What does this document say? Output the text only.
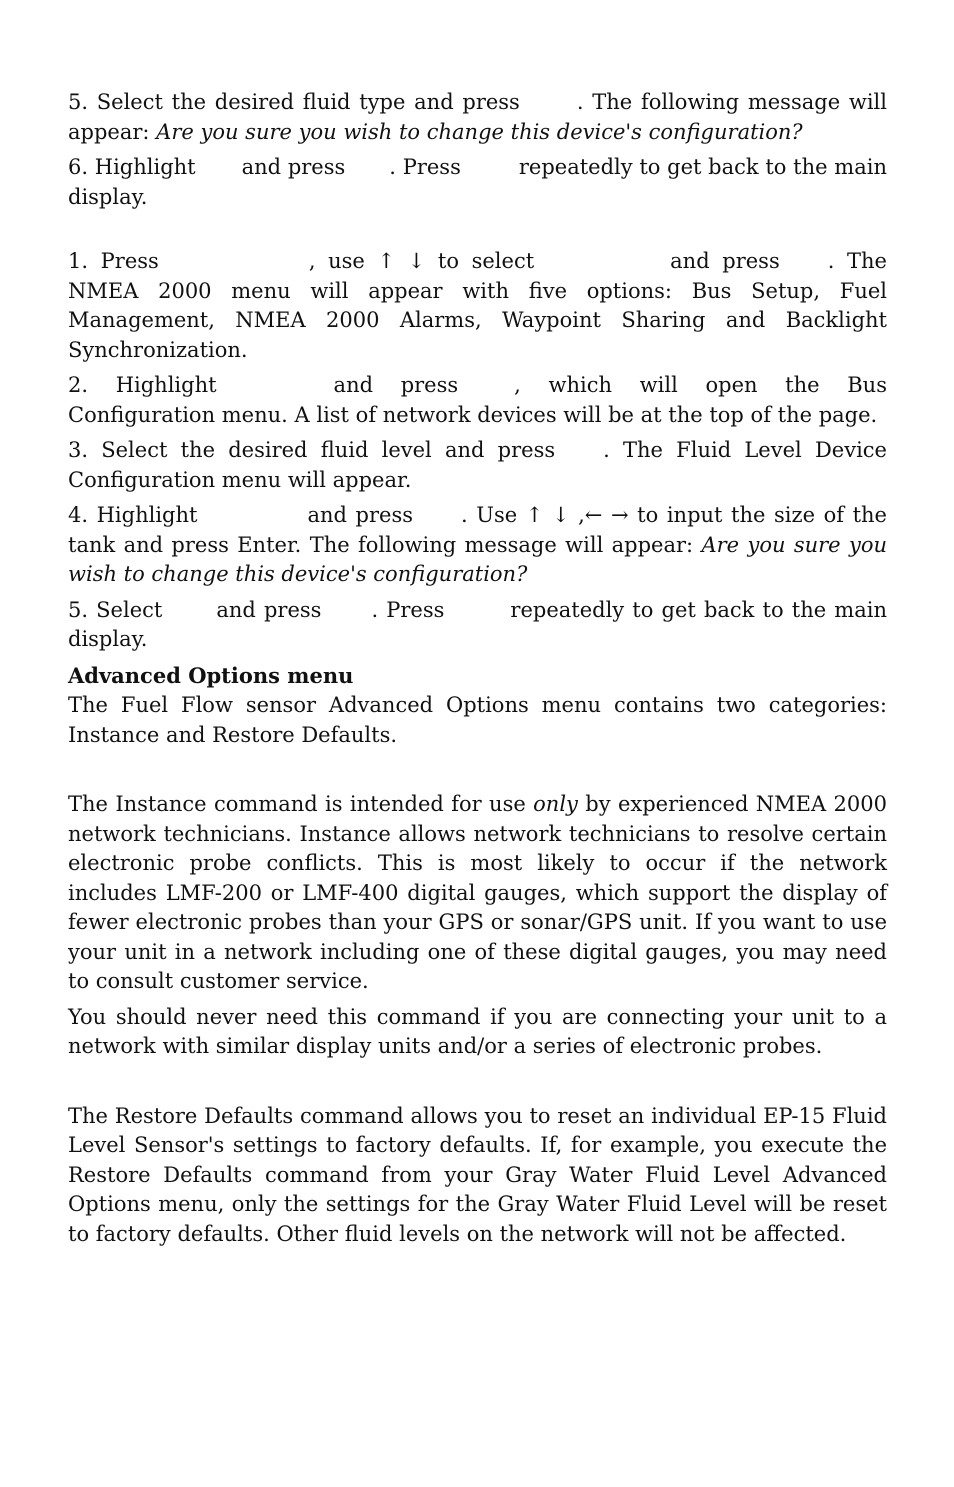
5. Select the desired fluid type and press	. The following message will appear: Are you sure you wish to change this device's configuration?

6. Highlight and press . Press	repeatedly to get back to the main display.

1. Press	, use ↑ ↓ to select	and press . The NMEA 2000 menu will appear with five options: Bus Setup, Fuel Management, NMEA 2000 Alarms, Waypoint Sharing and Backlight Synchronization.

2. Highlight	and press	, which will open the Bus Configuration menu. A list of network devices will be at the top of the page.

3. Select the desired fluid level and press . The Fluid Level Device Configuration menu will appear.

4. Highlight	and press . Use ↑ ↓ ,← → to input the size of the tank and press Enter. The following message will appear: Are you sure you wish to change this device's configuration?

5. Select	and press . Press	repeatedly to get back to the main display.

Advanced Options menu

The Fuel Flow sensor Advanced Options menu contains two categories: Instance and Restore Defaults.

The Instance command is intended for use only by experienced NMEA 2000 network technicians. Instance allows network technicians to resolve certain electronic probe conflicts. This is most likely to occur if the network includes LMF-200 or LMF-400 digital gauges, which support the display of fewer electronic probes than your GPS or sonar/GPS unit. If you want to use your unit in a network including one of these digital gauges, you may need to consult customer service.

You should never need this command if you are connecting your unit to a network with similar display units and/or a series of electronic probes.

The Restore Defaults command allows you to reset an individual EP-15 Fluid Level Sensor's settings to factory defaults. If, for example, you execute the Restore Defaults command from your Gray Water Fluid Level Advanced Options menu, only the settings for the Gray Water Fluid Level will be reset to factory defaults. Other fluid levels on the network will not be affected.
